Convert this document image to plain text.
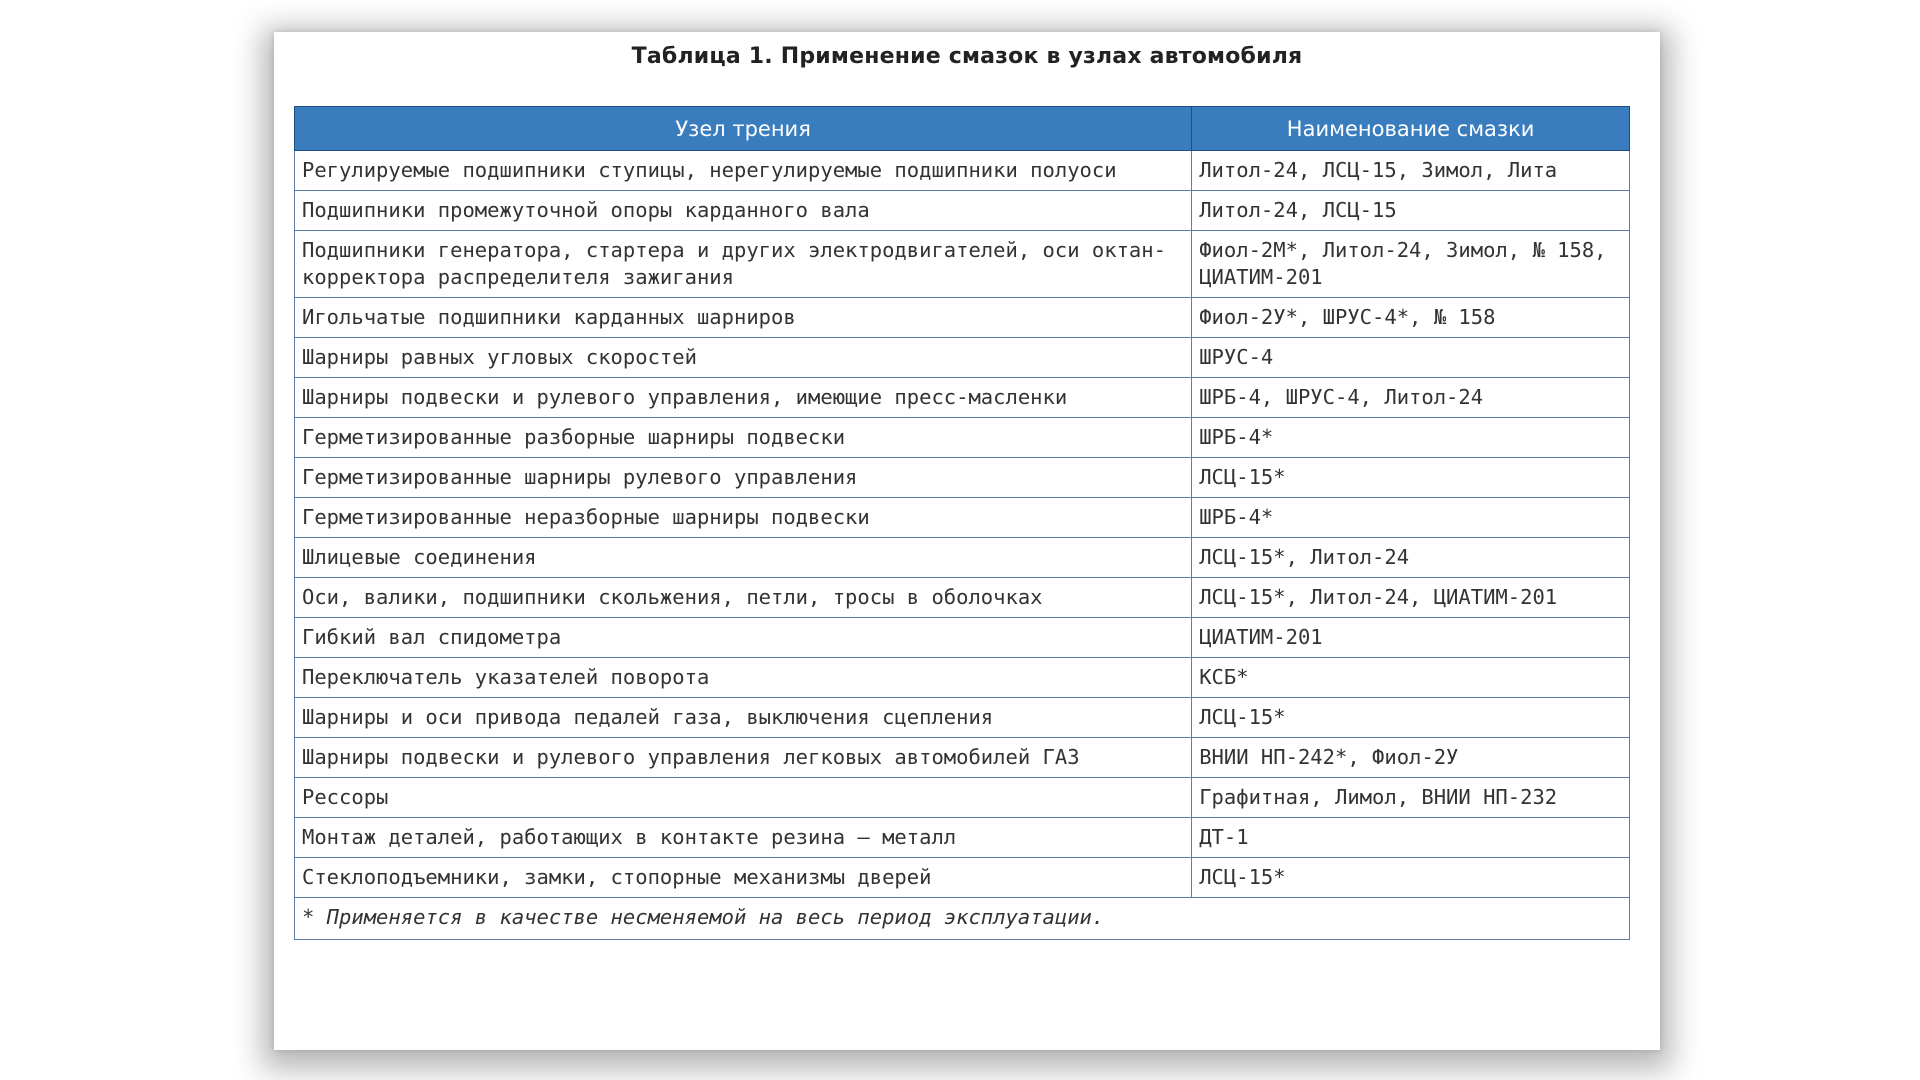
Таблица 1. Применение смазок в узлах автомобиля
Узел трения	Наименование смазки
Регулируемые подшипники ступицы, нерегулируемые подшипники полуоси	Литол-24, ЛСЦ-15, Зимол, Лита
Подшипники промежуточной опоры карданного вала	Литол-24, ЛСЦ-15
Подшипники генератора, стартера и других электродвигателей, оси октан-корректора распределителя зажигания	Фиол-2М*, Литол-24, Зимол, № 158, ЦИАТИМ-201
Игольчатые подшипники карданных шарниров	Фиол-2У*, ШРУС-4*, № 158
Шарниры равных угловых скоростей	ШРУС-4
Шарниры подвески и рулевого управления, имеющие пресс-масленки	ШРБ-4, ШРУС-4, Литол-24
Герметизированные разборные шарниры подвески	ШРБ-4*
Герметизированные шарниры рулевого управления	ЛСЦ-15*
Герметизированные неразборные шарниры подвески	ШРБ-4*
Шлицевые соединения	ЛСЦ-15*, Литол-24
Оси, валики, подшипники скольжения, петли, тросы в оболочках	ЛСЦ-15*, Литол-24, ЦИАТИМ-201
Гибкий вал спидометра	ЦИАТИМ-201
Переключатель указателей поворота	КСБ*
Шарниры и оси привода педалей газа, выключения сцепления	ЛСЦ-15*
Шарниры подвески и рулевого управления легковых автомобилей ГАЗ	ВНИИ НП-242*, Фиол-2У
Рессоры	Графитная, Лимол, ВНИИ НП-232
Монтаж деталей, работающих в контакте резина – металл	ДТ-1
Стеклоподъемники, замки, стопорные механизмы дверей	ЛСЦ-15*
* Применяется в качестве несменяемой на весь период эксплуатации.	
